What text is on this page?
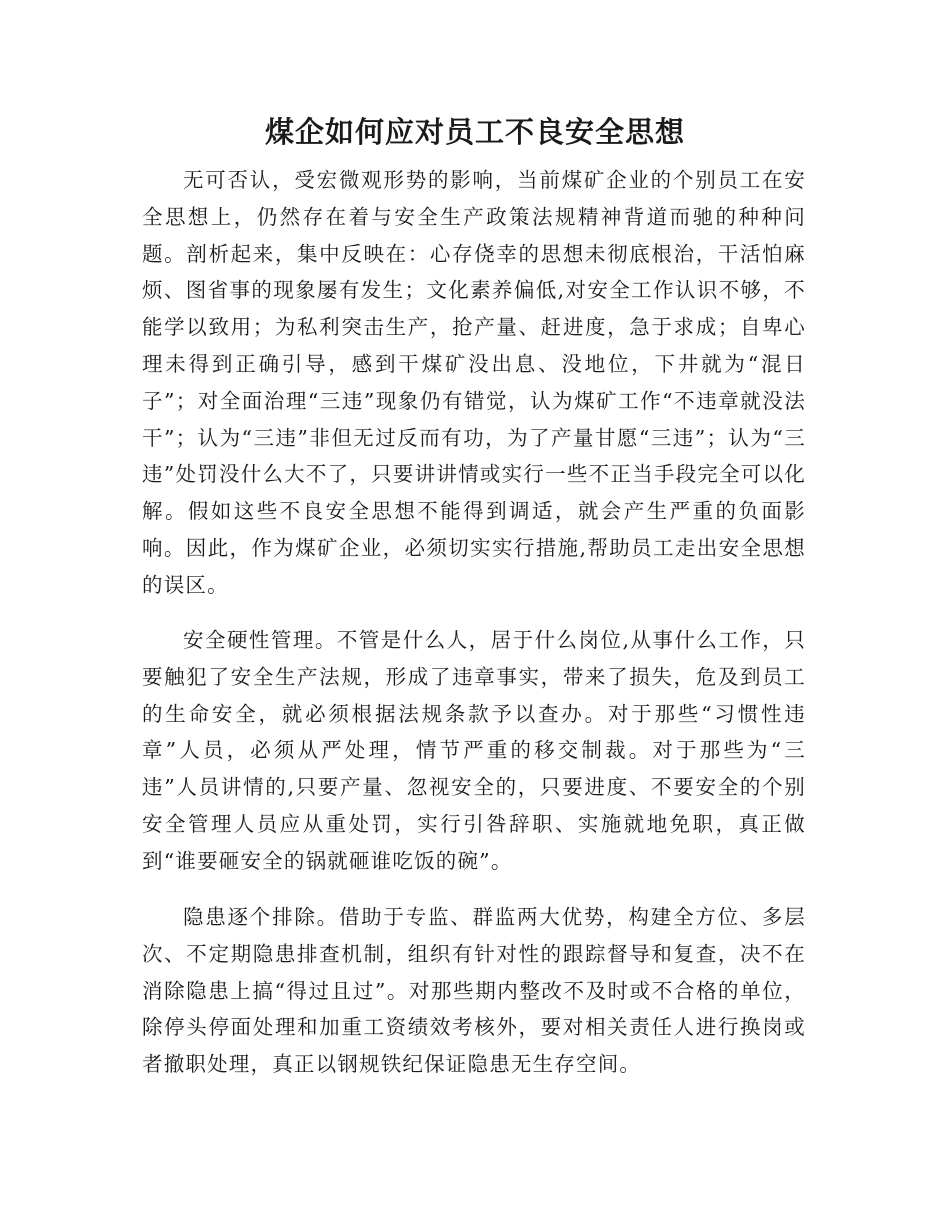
煤企如何应对员工不良安全思想

无可否认，受宏微观形势的影响，当前煤矿企业的个别员工在安全思想上，仍然存在着与安全生产政策法规精神背道而驰的种种问题。剖析起来，集中反映在：心存侥幸的思想未彻底根治，干活怕麻烦、图省事的现象屡有发生；文化素养偏低,对安全工作认识不够，不能学以致用；为私利突击生产，抢产量、赶进度，急于求成；自卑心理未得到正确引导，感到干煤矿没出息、没地位，下井就为“混日子”；对全面治理“三违”现象仍有错觉，认为煤矿工作“不违章就没法干”；认为“三违”非但无过反而有功，为了产量甘愿“三违”；认为“三违”处罚没什么大不了，只要讲讲情或实行一些不正当手段完全可以化解。假如这些不良安全思想不能得到调适，就会产生严重的负面影响。因此，作为煤矿企业，必须切实实行措施,帮助员工走出安全思想的误区。

安全硬性管理。不管是什么人，居于什么岗位,从事什么工作，只要触犯了安全生产法规，形成了违章事实，带来了损失，危及到员工的生命安全，就必须根据法规条款予以查办。对于那些“习惯性违章”人员，必须从严处理，情节严重的移交制裁。对于那些为“三违”人员讲情的,只要产量、忽视安全的，只要进度、不要安全的个别安全管理人员应从重处罚，实行引咎辞职、实施就地免职，真正做到“谁要砸安全的锅就砸谁吃饭的碗”。

隐患逐个排除。借助于专监、群监两大优势，构建全方位、多层次、不定期隐患排查机制，组织有针对性的跟踪督导和复查，决不在消除隐患上搞“得过且过”。对那些期内整改不及时或不合格的单位，除停头停面处理和加重工资绩效考核外，要对相关责任人进行换岗或者撤职处理，真正以钢规铁纪保证隐患无生存空间。
